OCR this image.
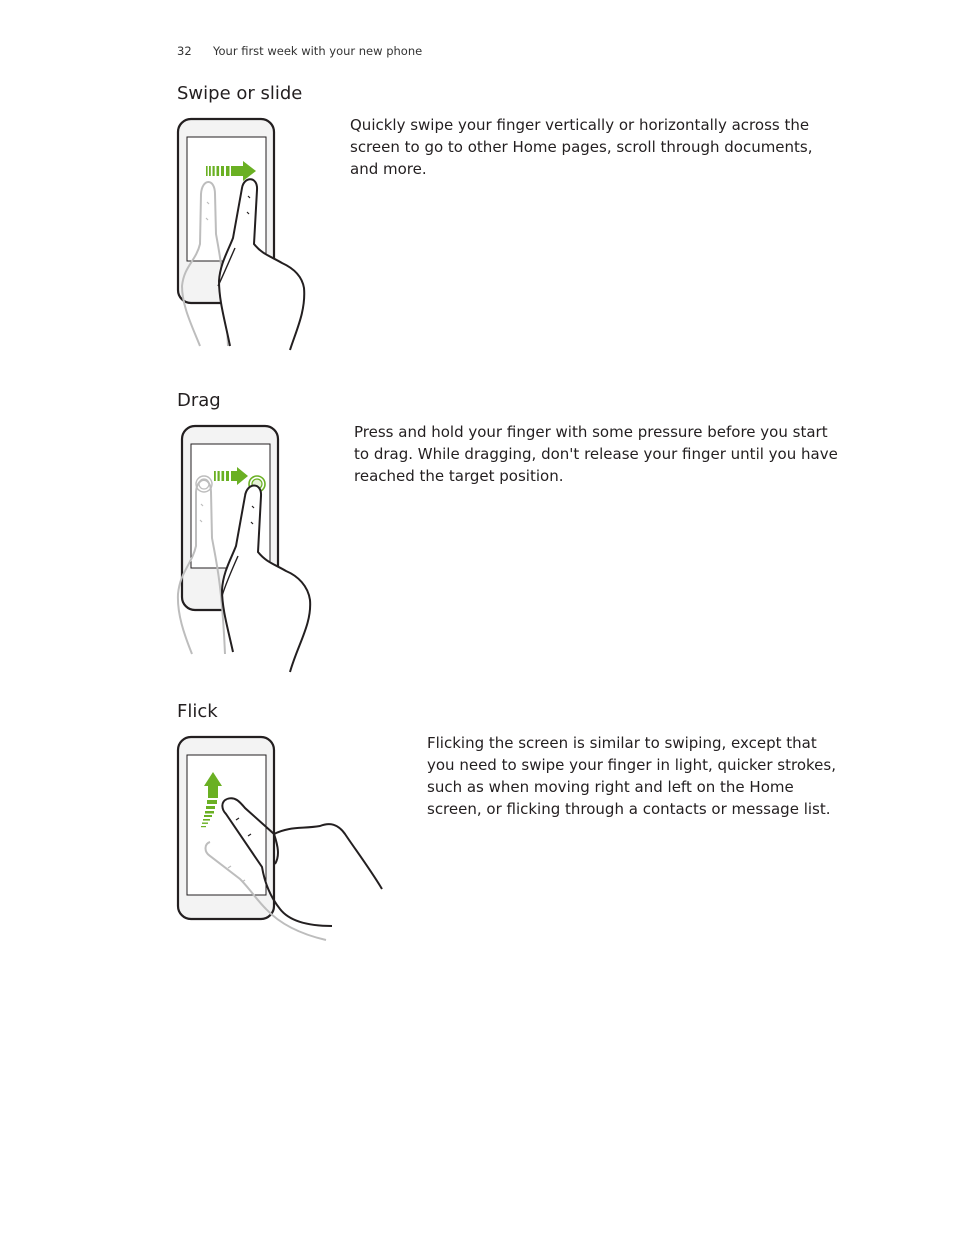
32 Your first week with your new phone
Swipe or slide

Quickly swipe your finger vertically or horizontally across the screen to go to other Home pages, scroll through documents, and more.

Drag

Press and hold your finger with some pressure before you start to drag. While dragging, don't release your finger until you have reached the target position.

Flick

Flicking the screen is similar to swiping, except that you need to swipe your finger in light, quicker strokes, such as when moving right and left on the Home screen, or flicking through a contacts or message list.
